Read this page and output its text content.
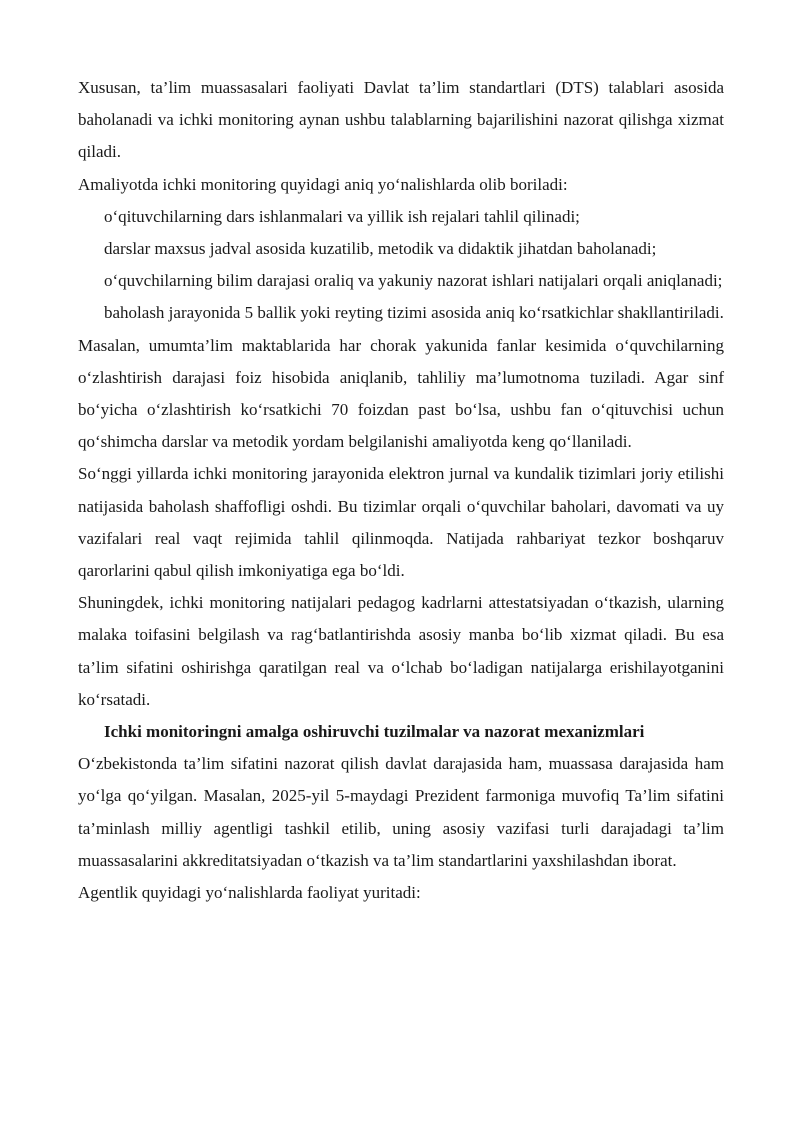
Xususan, ta’lim muassasalari faoliyati Davlat ta’lim standartlari (DTS) talablari asosida baholanadi va ichki monitoring aynan ushbu talablarning bajarilishini nazorat qilishga xizmat qiladi.

Amaliyotda ichki monitoring quyidagi aniq yo‘nalishlarda olib boriladi:

o‘qituvchilarning dars ishlanmalari va yillik ish rejalari tahlil qilinadi;

darslar maxsus jadval asosida kuzatilib, metodik va didaktik jihatdan baholanadi;

o‘quvchilarning bilim darajasi oraliq va yakuniy nazorat ishlari natijalari orqali aniqlanadi;

baholash jarayonida 5 ballik yoki reyting tizimi asosida aniq ko‘rsatkichlar shakllantiriladi.

Masalan, umumta’lim maktablarida har chorak yakunida fanlar kesimida o‘quvchilarning o‘zlashtirish darajasi foiz hisobida aniqlanib, tahliliy ma’lumotnoma tuziladi. Agar sinf bo‘yicha o‘zlashtirish ko‘rsatkichi 70 foizdan past bo‘lsa, ushbu fan o‘qituvchisi uchun qo‘shimcha darslar va metodik yordam belgilanishi amaliyotda keng qo‘llaniladi.

So‘nggi yillarda ichki monitoring jarayonida elektron jurnal va kundalik tizimlari joriy etilishi natijasida baholash shaffofligi oshdi. Bu tizimlar orqali o‘quvchilar baholari, davomati va uy vazifalari real vaqt rejimida tahlil qilinmoqda. Natijada rahbariyat tezkor boshqaruv qarorlarini qabul qilish imkoniyatiga ega bo‘ldi.

Shuningdek, ichki monitoring natijalari pedagog kadrlarni attestatsiyadan o‘tkazish, ularning malaka toifasini belgilash va rag‘batlantirishda asosiy manba bo‘lib xizmat qiladi. Bu esa ta’lim sifatini oshirishga qaratilgan real va o‘lchab bo‘ladigan natijalarga erishilayotganini ko‘rsatadi.

Ichki monitoringni amalga oshiruvchi tuzilmalar va nazorat mexanizmlari

O‘zbekistonda ta’lim sifatini nazorat qilish davlat darajasida ham, muassasa darajasida ham yo‘lga qo‘yilgan. Masalan, 2025-yil 5-maydagi Prezident farmoniga muvofiq Ta’lim sifatini ta’minlash milliy agentligi tashkil etilib, uning asosiy vazifasi turli darajadagi ta’lim muassasalarini akkreditatsiyadan o‘tkazish va ta’lim standartlarini yaxshilashdan iborat.

Agentlik quyidagi yo‘nalishlarda faoliyat yuritadi:
